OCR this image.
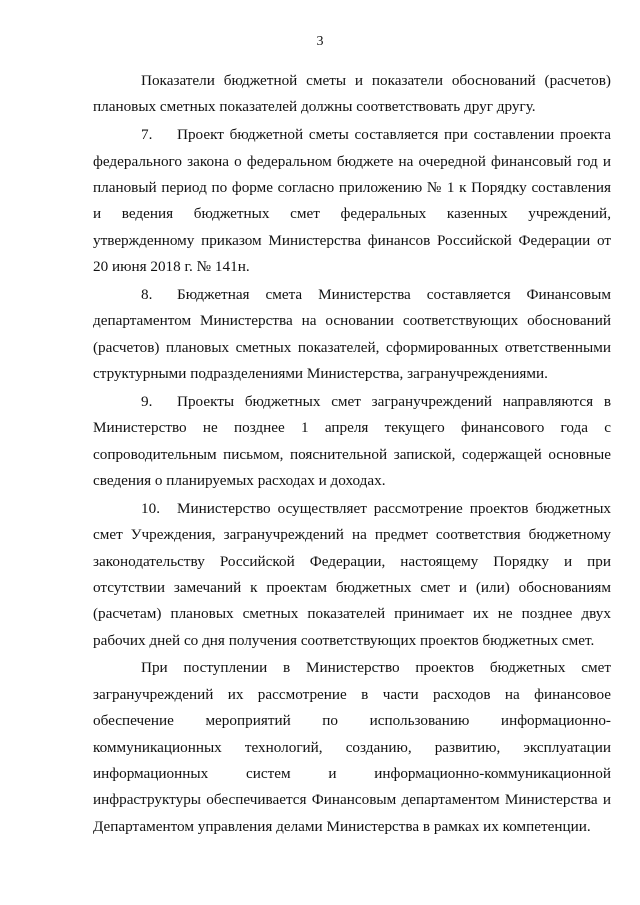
3

Показатели бюджетной сметы и показатели обоснований (расчетов) плановых сметных показателей должны соответствовать друг другу.

7. Проект бюджетной сметы составляется при составлении проекта федерального закона о федеральном бюджете на очередной финансовый год и плановый период по форме согласно приложению № 1 к Порядку составления и ведения бюджетных смет федеральных казенных учреждений, утвержденному приказом Министерства финансов Российской Федерации от 20 июня 2018 г. № 141н.

8. Бюджетная смета Министерства составляется Финансовым департаментом Министерства на основании соответствующих обоснований (расчетов) плановых сметных показателей, сформированных ответственными структурными подразделениями Министерства, загранучреждениями.

9. Проекты бюджетных смет загранучреждений направляются в Министерство не позднее 1 апреля текущего финансового года с сопроводительным письмом, пояснительной запиской, содержащей основные сведения о планируемых расходах и доходах.

10. Министерство осуществляет рассмотрение проектов бюджетных смет Учреждения, загранучреждений на предмет соответствия бюджетному законодательству Российской Федерации, настоящему Порядку и при отсутствии замечаний к проектам бюджетных смет и (или) обоснованиям (расчетам) плановых сметных показателей принимает их не позднее двух рабочих дней со дня получения соответствующих проектов бюджетных смет.

При поступлении в Министерство проектов бюджетных смет загранучреждений их рассмотрение в части расходов на финансовое обеспечение мероприятий по использованию информационно-коммуникационных технологий, созданию, развитию, эксплуатации информационных систем и информационно-коммуникационной инфраструктуры обеспечивается Финансовым департаментом Министерства и Департаментом управления делами Министерства в рамках их компетенции.
